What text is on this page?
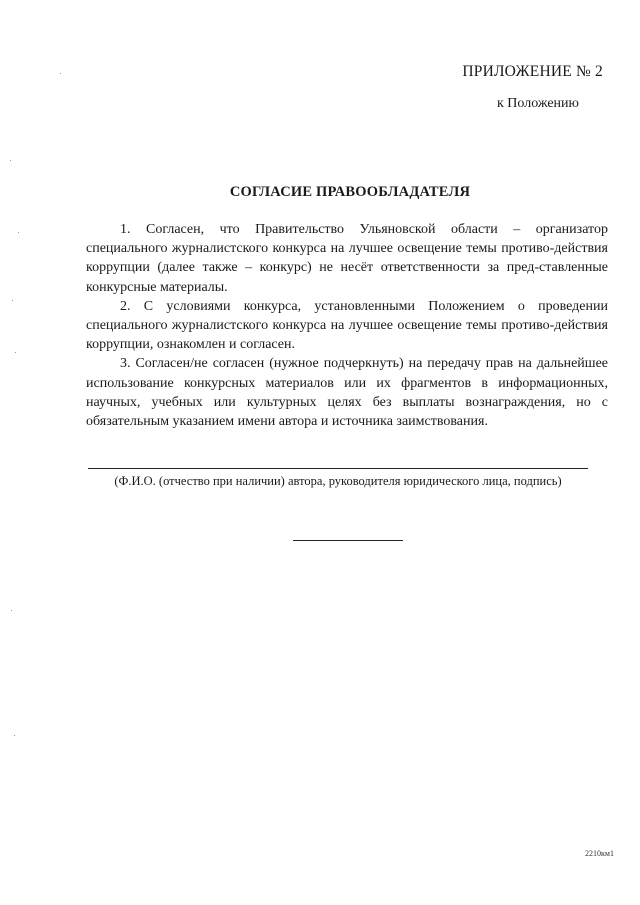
ПРИЛОЖЕНИЕ № 2

к Положению

СОГЛАСИЕ ПРАВООБЛАДАТЕЛЯ

1. Согласен, что Правительство Ульяновской области – организатор специального журналистского конкурса на лучшее освещение темы противо-действия коррупции (далее также – конкурс) не несёт ответственности за пред-ставленные конкурсные материалы.

2. С условиями конкурса, установленными Положением о проведении специального журналистского конкурса на лучшее освещение темы противо-действия коррупции, ознакомлен и согласен.

3. Согласен/не согласен (нужное подчеркнуть) на передачу прав на дальнейшее использование конкурсных материалов или их фрагментов в информационных, научных, учебных или культурных целях без выплаты вознаграждения, но с обязательным указанием имени автора и источника заимствования.

(Ф.И.О. (отчество при наличии) автора, руководителя юридического лица, подпись)

2210км1
